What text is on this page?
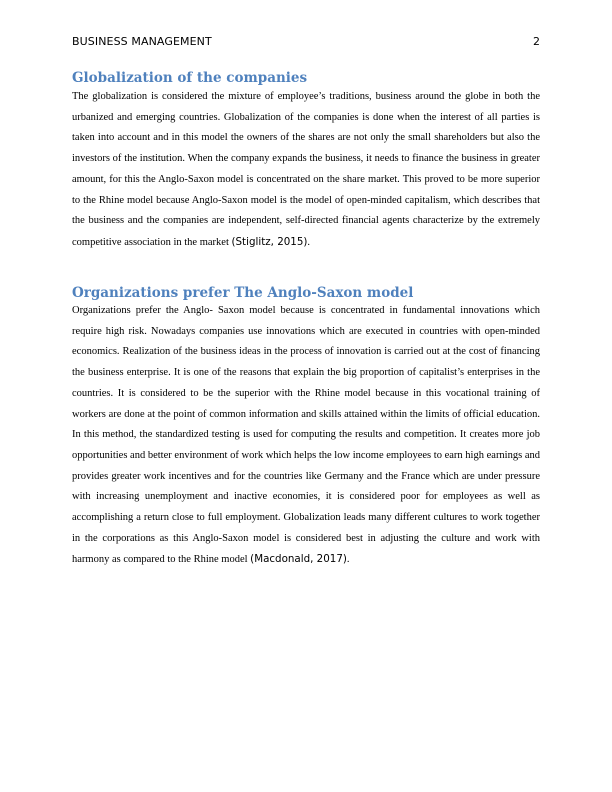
BUSINESS MANAGEMENT	2
Globalization of the companies

The globalization is considered the mixture of employee’s traditions, business around the globe in both the urbanized and emerging countries. Globalization of the companies is done when the interest of all parties is taken into account and in this model the owners of the shares are not only the small shareholders but also the investors of the institution. When the company expands the business, it needs to finance the business in greater amount, for this the Anglo-Saxon model is concentrated on the share market. This proved to be more superior to the Rhine model because Anglo-Saxon model is the model of open-minded capitalism, which describes that the business and the companies are independent, self-directed financial agents characterize by the extremely competitive association in the market (Stiglitz, 2015).

Organizations prefer The Anglo-Saxon model

Organizations prefer the Anglo- Saxon model because is concentrated in fundamental innovations which require high risk. Nowadays companies use innovations which are executed in countries with open-minded economics. Realization of the business ideas in the process of innovation is carried out at the cost of financing the business enterprise. It is one of the reasons that explain the big proportion of capitalist’s enterprises in the countries. It is considered to be the superior with the Rhine model because in this vocational training of workers are done at the point of common information and skills attained within the limits of official education. In this method, the standardized testing is used for computing the results and competition. It creates more job opportunities and better environment of work which helps the low income employees to earn high earnings and provides greater work incentives and for the countries like Germany and the France which are under pressure with increasing unemployment and inactive economies, it is considered poor for employees as well as accomplishing a return close to full employment. Globalization leads many different cultures to work together in the corporations as this Anglo-Saxon model is considered best in adjusting the culture and work with harmony as compared to the Rhine model (Macdonald, 2017).
